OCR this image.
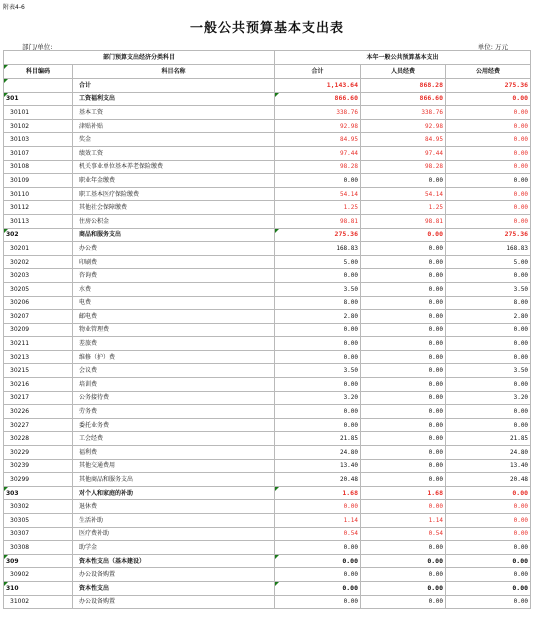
附表4-6
一般公共预算基本支出表
部门/单位:	单位: 万元
部门预算支出经济分类科目		本年一般公共预算基本支出		
科目编码	科目名称	合计	人员经费	公用经费
	合计	1,143.64	868.28	275.36
301	工资福利支出	866.60	866.60	0.00
30101	基本工资	338.76	338.76	0.00
30102	津贴补贴	92.98	92.98	0.00
30103	奖金	84.95	84.95	0.00
30107	绩效工资	97.44	97.44	0.00
30108	机关事业单位基本养老保险缴费	98.28	98.28	0.00
30109	职业年金缴费	0.00	0.00	0.00
30110	职工基本医疗保险缴费	54.14	54.14	0.00
30112	其他社会保障缴费	1.25	1.25	0.00
30113	住房公积金	98.81	98.81	0.00
302	商品和服务支出	275.36	0.00	275.36
30201	办公费	168.83	0.00	168.83
30202	印刷费	5.00	0.00	5.00
30203	咨询费	0.00	0.00	0.00
30205	水费	3.50	0.00	3.50
30206	电费	8.00	0.00	8.00
30207	邮电费	2.80	0.00	2.80
30209	物业管理费	0.00	0.00	0.00
30211	差旅费	0.00	0.00	0.00
30213	维修（护）费	0.00	0.00	0.00
30215	会议费	3.50	0.00	3.50
30216	培训费	0.00	0.00	0.00
30217	公务接待费	3.20	0.00	3.20
30226	劳务费	0.00	0.00	0.00
30227	委托业务费	0.00	0.00	0.00
30228	工会经费	21.85	0.00	21.85
30229	福利费	24.80	0.00	24.80
30239	其他交通费用	13.40	0.00	13.40
30299	其他商品和服务支出	20.48	0.00	20.48
303	对个人和家庭的补助	1.68	1.68	0.00
30302	退休费	0.00	0.00	0.00
30305	生活补助	1.14	1.14	0.00
30307	医疗费补助	0.54	0.54	0.00
30308	助学金	0.00	0.00	0.00
309	资本性支出（基本建设）	0.00	0.00	0.00
30902	办公设备购置	0.00	0.00	0.00
310	资本性支出	0.00	0.00	0.00
31002	办公设备购置	0.00	0.00	0.00
